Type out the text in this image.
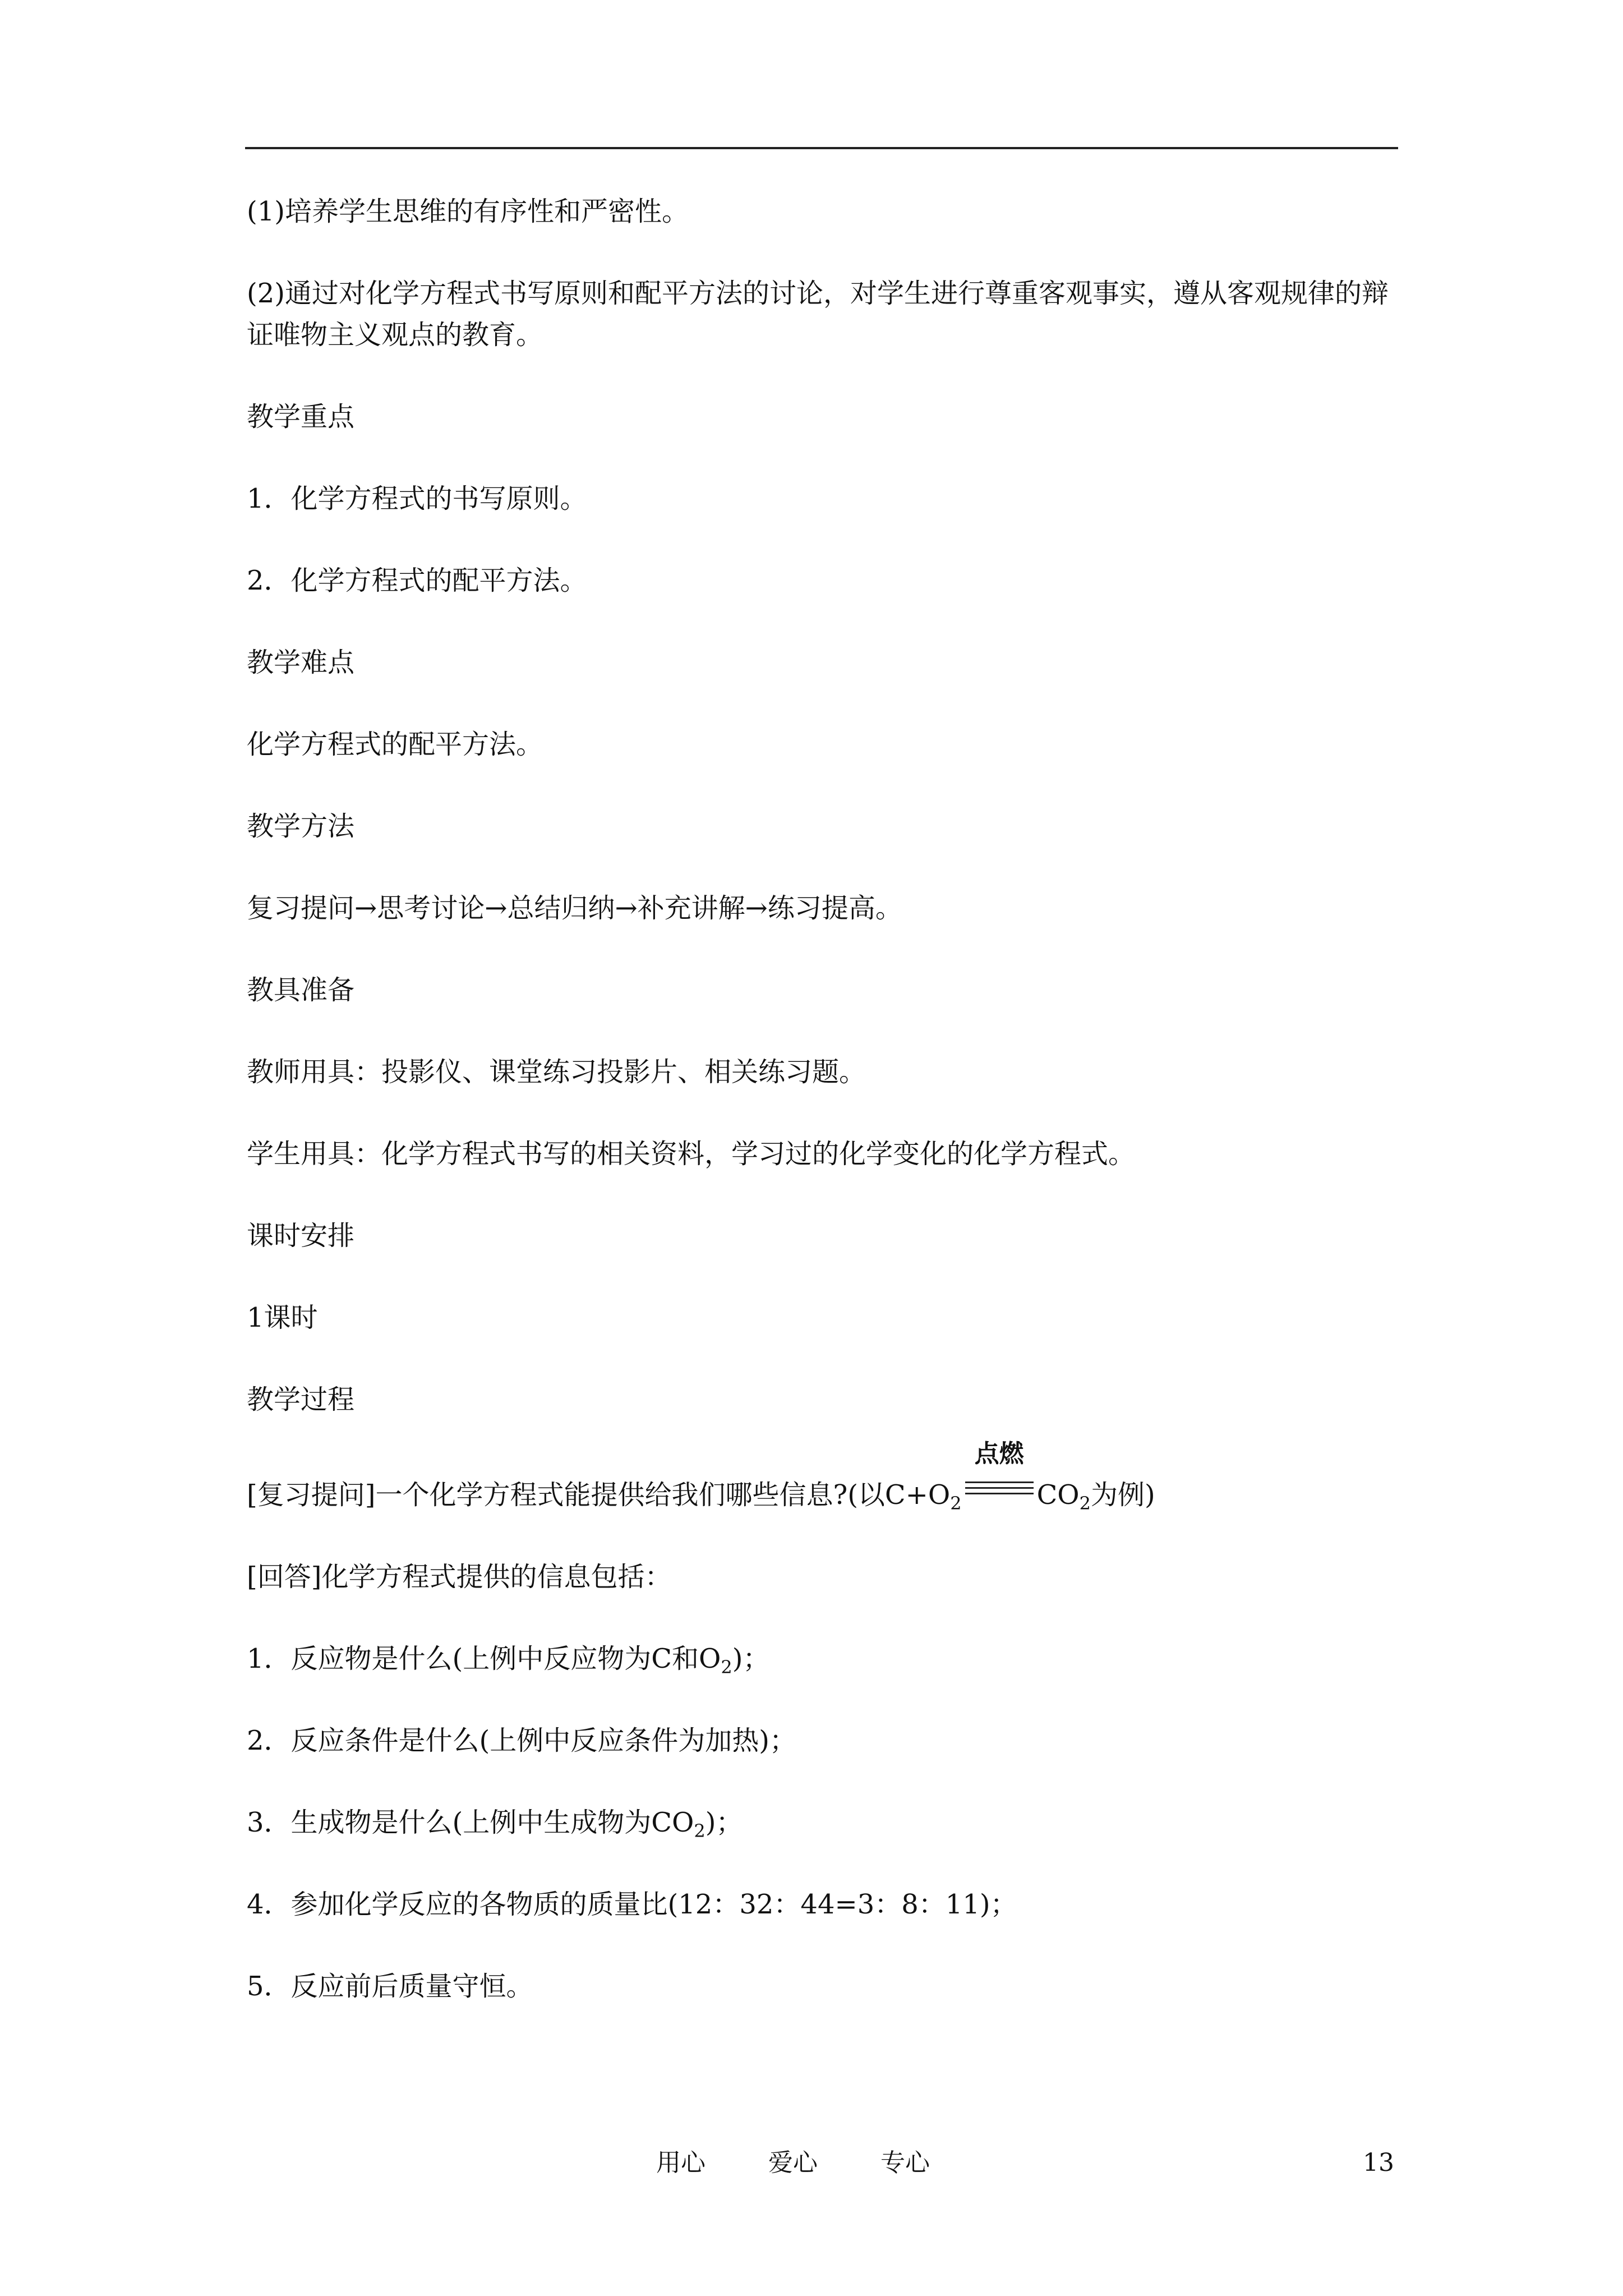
(1)培养学生思维的有序性和严密性。

(2)通过对化学方程式书写原则和配平方法的讨论，对学生进行尊重客观事实，遵从客观规律的辩证唯物主义观点的教育。

教学重点

1．化学方程式的书写原则。

2．化学方程式的配平方法。

教学难点

化学方程式的配平方法。

教学方法

复习提问→思考讨论→总结归纳→补充讲解→练习提高。

教具准备

教师用具：投影仪、课堂练习投影片、相关练习题。

学生用具：化学方程式书写的相关资料，学习过的化学变化的化学方程式。

课时安排

1课时

教学过程

[复习提问]一个化学方程式能提供给我们哪些信息?(以$C+O_2$
点燃
$CO_2$为例)

[回答]化学方程式提供的信息包括：

1．反应物是什么(上例中反应物为C和$O_2$)；

2．反应条件是什么(上例中反应条件为加热)；

3．生成物是什么(上例中生成物为$CO_2$)；

4．参加化学反应的各物质的质量比(12：32：44=3：8：11)；

5．反应前后质量守恒。

用心	爱心	专心	13
